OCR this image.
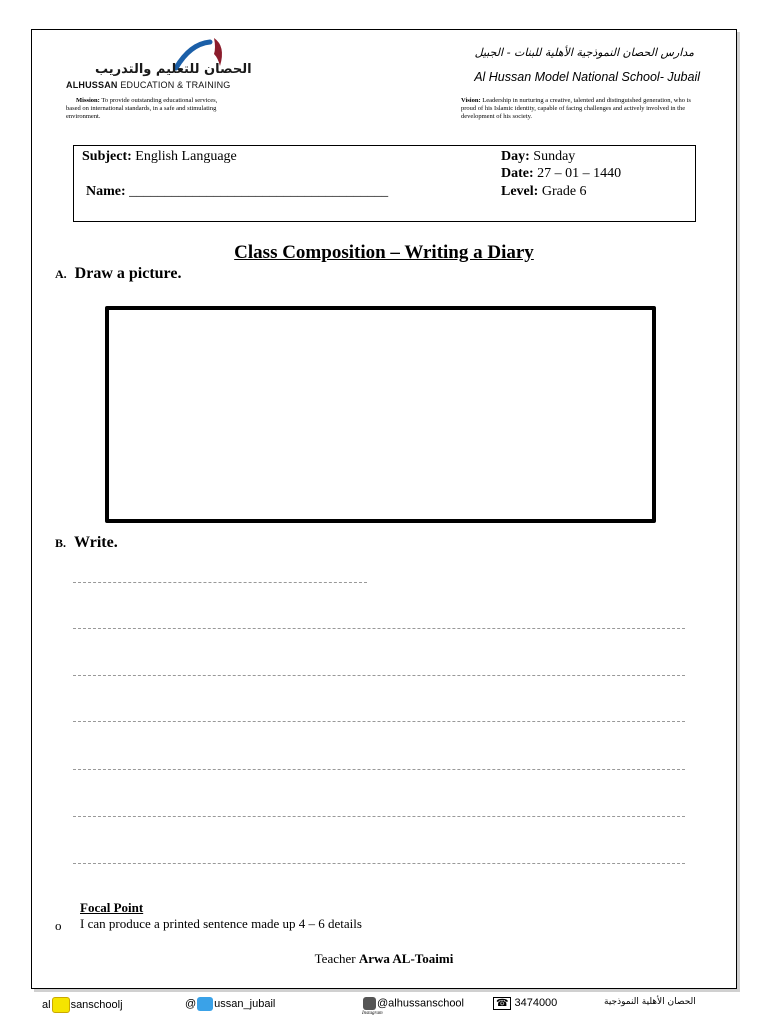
الحصان للتعليم والتدريب
ALHUSSAN EDUCATION & TRAINING
مدارس الحصان النموذجية الأهلية للبنات - الجبيل
Al Hussan Model National School- Jubail
Mission: To provide outstanding educational services, based on international standards, in a safe and stimulating environment.
Vision: Leadership in nurturing a creative, talented and distinguished generation, who is proud of his Islamic identity, capable of facing challenges and actively involved in the development of his society.
Subject: English Language
Name: _____________________________________
Day: Sunday
Date: 27 – 01 – 1440
Level: Grade 6
Class Composition – Writing a Diary
A. Draw a picture.
B. Write.
Focal Point
o I can produce a printed sentence made up 4 – 6 details
Teacher Arwa AL-Toaimi
al sanschoolj	@ ussan_jubail	@alhussanschool
Instagram
☎ 3474000	الحصان الأهلية النموذجية
